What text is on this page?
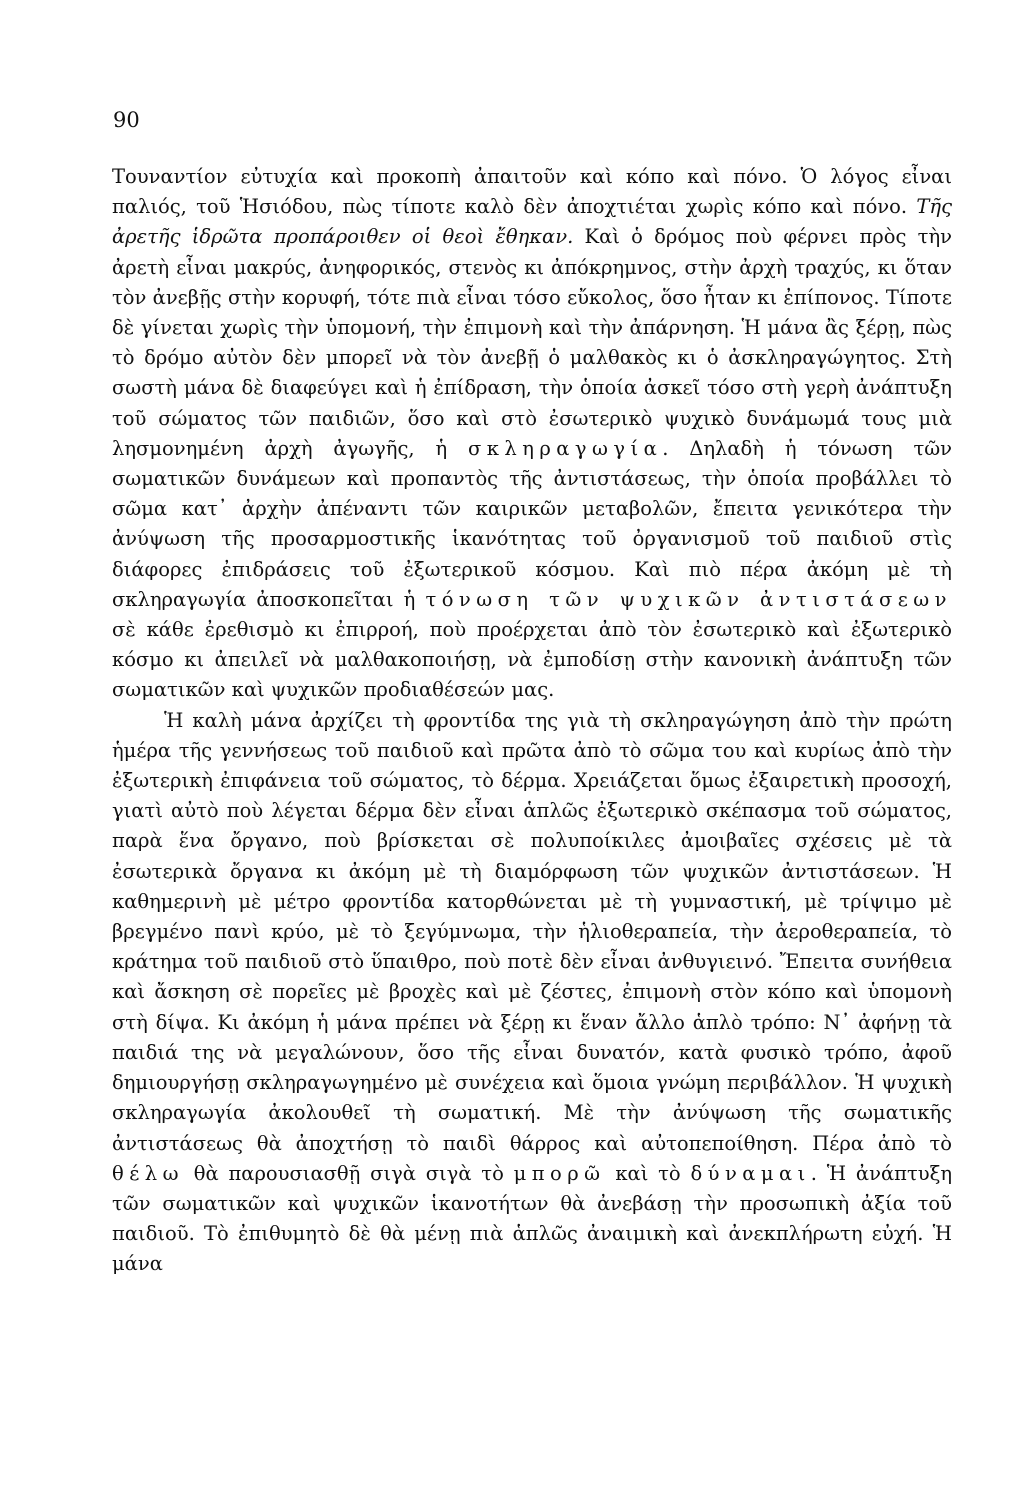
90

Τουναντίον εὐτυχία καὶ προκοπὴ ἀπαιτοῦν καὶ κόπο καὶ πόνο. Ὁ λόγος εἶναι παλιός, τοῦ Ἡσιόδου, πὼς τίποτε καλὸ δὲν ἀποχτιέται χωρὶς κόπο καὶ πόνο. Τῆς ἀρετῆς ἱδρῶτα προπάροιθεν οἱ θεοὶ ἔθηκαν. Καὶ ὁ δρόμος ποὺ φέρνει πρὸς τὴν ἀρετὴ εἶναι μακρύς, ἀνηφορικός, στενὸς κι ἀπόκρημνος, στὴν ἀρχὴ τραχύς, κι ὅταν τὸν ἀνεβῇς στὴν κορυφή, τότε πιὰ εἶναι τόσο εὔκολος, ὅσο ἦταν κι ἐπίπονος. Τίποτε δὲ γίνεται χωρὶς τὴν ὑπομονή, τὴν ἐπιμονὴ καὶ τὴν ἀπάρνηση. Ἡ μάνα ἂς ξέρῃ, πὼς τὸ δρόμο αὐτὸν δὲν μπορεῖ νὰ τὸν ἀνεβῇ ὁ μαλθακὸς κι ὁ ἀσκληραγώγητος. Στὴ σωστὴ μάνα δὲ διαφεύγει καὶ ἡ ἐπίδραση, τὴν ὁποία ἀσκεῖ τόσο στὴ γερὴ ἀνάπτυξη τοῦ σώματος τῶν παιδιῶν, ὅσο καὶ στὸ ἐσωτερικὸ ψυχικὸ δυνάμωμά τους μιὰ λησμονημένη ἀρχὴ ἀγωγῆς, ἡ σκληραγωγία. Δηλαδὴ ἡ τόνωση τῶν σωματικῶν δυνάμεων καὶ προπαντὸς τῆς ἀντιστάσεως, τὴν ὁποία προβάλλει τὸ σῶμα κατ᾽ ἀρχὴν ἀπέναντι τῶν καιρικῶν μεταβολῶν, ἔπειτα γενικότερα τὴν ἀνύψωση τῆς προσαρμοστικῆς ἱκανότητας τοῦ ὀργανισμοῦ τοῦ παιδιοῦ στὶς διάφορες ἐπιδράσεις τοῦ ἐξωτερικοῦ κόσμου. Καὶ πιὸ πέρα ἀκόμη μὲ τὴ σκληραγωγία ἀποσκοπεῖται ἡ τόνωση τῶν ψυχικῶν ἀντιστάσεων σὲ κάθε ἐρεθισμὸ κι ἐπιρροή, ποὺ προέρχεται ἀπὸ τὸν ἐσωτερικὸ καὶ ἐξωτερικὸ κόσμο κι ἀπειλεῖ νὰ μαλθακοποιήσῃ, νὰ ἐμποδίσῃ στὴν κανονικὴ ἀνάπτυξη τῶν σωματικῶν καὶ ψυχικῶν προδιαθέσεών μας.

Ἡ καλὴ μάνα ἀρχίζει τὴ φροντίδα της γιὰ τὴ σκληραγώγηση ἀπὸ τὴν πρώτη ἡμέρα τῆς γεννήσεως τοῦ παιδιοῦ καὶ πρῶτα ἀπὸ τὸ σῶμα του καὶ κυρίως ἀπὸ τὴν ἐξωτερικὴ ἐπιφάνεια τοῦ σώματος, τὸ δέρμα. Χρειάζεται ὅμως ἐξαιρετικὴ προσοχή, γιατὶ αὐτὸ ποὺ λέγεται δέρμα δὲν εἶναι ἁπλῶς ἐξωτερικὸ σκέπασμα τοῦ σώματος, παρὰ ἕνα ὄργανο, ποὺ βρίσκεται σὲ πολυποίκιλες ἀμοιβαῖες σχέσεις μὲ τὰ ἐσωτερικὰ ὄργανα κι ἀκόμη μὲ τὴ διαμόρφωση τῶν ψυχικῶν ἀντιστάσεων. Ἡ καθημερινὴ μὲ μέτρο φροντίδα κατορθώνεται μὲ τὴ γυμναστική, μὲ τρίψιμο μὲ βρεγμένο πανὶ κρύο, μὲ τὸ ξεγύμνωμα, τὴν ἡλιοθεραπεία, τὴν ἀεροθεραπεία, τὸ κράτημα τοῦ παιδιοῦ στὸ ὕπαιθρο, ποὺ ποτὲ δὲν εἶναι ἀνθυγιεινό. Ἔπειτα συνήθεια καὶ ἄσκηση σὲ πορεῖες μὲ βροχὲς καὶ μὲ ζέστες, ἐπιμονὴ στὸν κόπο καὶ ὑπομονὴ στὴ δίψα. Κι ἀκόμη ἡ μάνα πρέπει νὰ ξέρῃ κι ἕναν ἄλλο ἁπλὸ τρόπο: Ν᾽ ἀφήνῃ τὰ παιδιά της νὰ μεγαλώνουν, ὅσο τῆς εἶναι δυνατόν, κατὰ φυσικὸ τρόπο, ἀφοῦ δημιουργήσῃ σκληραγωγημένο μὲ συνέχεια καὶ ὅμοια γνώμη περιβάλλον. Ἡ ψυχικὴ σκληραγωγία ἀκολουθεῖ τὴ σωματική. Μὲ τὴν ἀνύψωση τῆς σωματικῆς ἀντιστάσεως θὰ ἀποχτήσῃ τὸ παιδὶ θάρρος καὶ αὐτοπεποίθηση. Πέρα ἀπὸ τὸ θέλω θὰ παρουσιασθῇ σιγὰ σιγὰ τὸ μπορῶ καὶ τὸ δύναμαι. Ἡ ἀνάπτυξη τῶν σωματικῶν καὶ ψυχικῶν ἱκανοτήτων θὰ ἀνεβάσῃ τὴν προσωπικὴ ἀξία τοῦ παιδιοῦ. Τὸ ἐπιθυμητὸ δὲ θὰ μένῃ πιὰ ἁπλῶς ἀναιμικὴ καὶ ἀνεκπλήρωτη εὐχή. Ἡ μάνα
